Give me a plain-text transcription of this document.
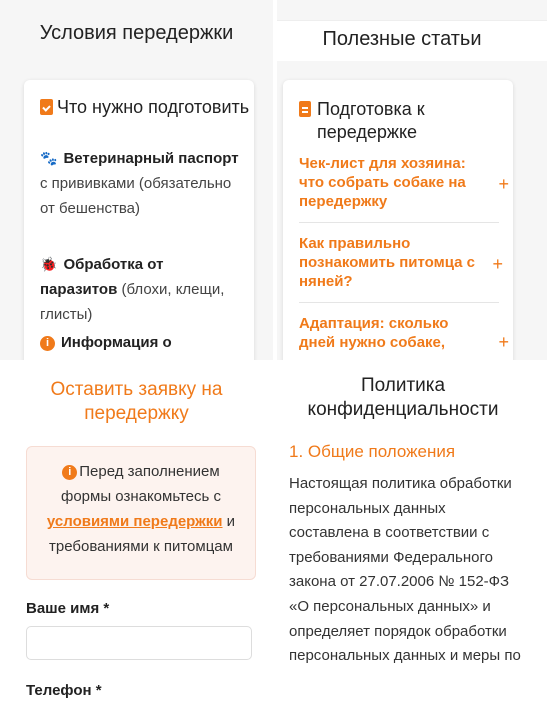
Условия передержки
Что нужно подготовить
🐾 Ветеринарный паспорт с прививками (обязательно от бешенства)
🐞 Обработка от паразитов (блохи, клещи, глисты)
i Информация о
Полезные статьи
Подготовка к передержке
Чек-лист для хозяина: что собрать собаке на передержку
+
Как правильно познакомить питомца с няней?
+
Адаптация: сколько дней нужно собаке,	+
Оставить заявку на передержку
i Перед заполнением формы ознакомьтесь с условиями передержки и требованиями к питомцам
Ваше имя *
Телефон *
Политика конфиденциальности
1. Общие положения
Настоящая политика обработки персональных данных составлена в соответствии с требованиями Федерального закона от 27.07.2006 № 152-ФЗ «О персональных данных» и определяет порядок обработки персональных данных и меры по
